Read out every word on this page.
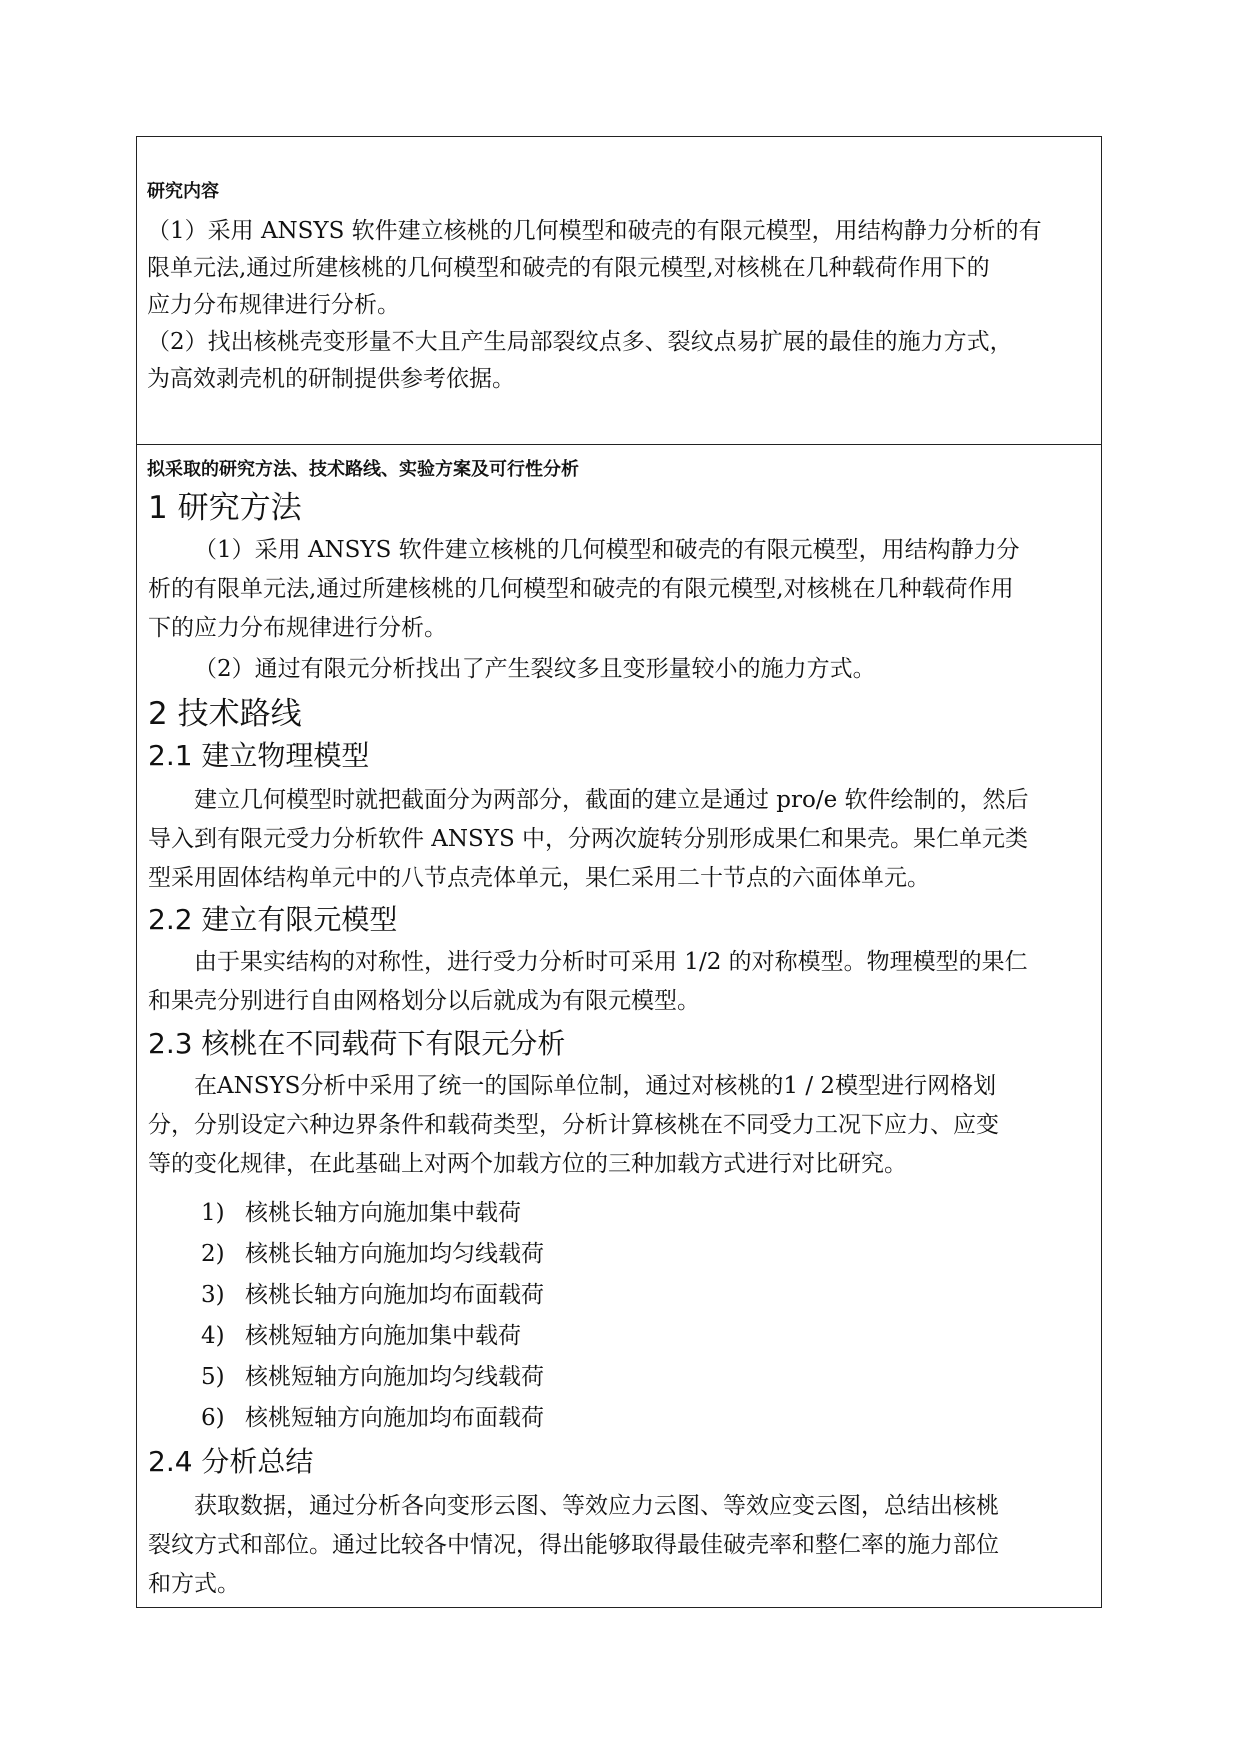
研究内容
（1）采用 ANSYS 软件建立核桃的几何模型和破壳的有限元模型，用结构静力分析的有
限单元法,通过所建核桃的几何模型和破壳的有限元模型,对核桃在几种载荷作用下的
应力分布规律进行分析。
（2）找出核桃壳变形量不大且产生局部裂纹点多、裂纹点易扩展的最佳的施力方式，
为高效剥壳机的研制提供参考依据。
拟采取的研究方法、技术路线、实验方案及可行性分析
1 研究方法
（1）采用 ANSYS 软件建立核桃的几何模型和破壳的有限元模型，用结构静力分
析的有限单元法,通过所建核桃的几何模型和破壳的有限元模型,对核桃在几种载荷作用
下的应力分布规律进行分析。
（2）通过有限元分析找出了产生裂纹多且变形量较小的施力方式。
2 技术路线
2.1 建立物理模型
建立几何模型时就把截面分为两部分，截面的建立是通过 pro/e 软件绘制的，然后
导入到有限元受力分析软件 ANSYS 中，分两次旋转分别形成果仁和果壳。果仁单元类
型采用固体结构单元中的八节点壳体单元，果仁采用二十节点的六面体单元。
2.2 建立有限元模型
由于果实结构的对称性，进行受力分析时可采用 1/2 的对称模型。物理模型的果仁
和果壳分别进行自由网格划分以后就成为有限元模型。
2.3 核桃在不同载荷下有限元分析
在ANSYS分析中采用了统一的国际单位制，通过对核桃的1 / 2模型进行网格划
分，分别设定六种边界条件和载荷类型，分析计算核桃在不同受力工况下应力、应变
等的变化规律，在此基础上对两个加载方位的三种加载方式进行对比研究。
1) 核桃长轴方向施加集中载荷
2) 核桃长轴方向施加均匀线载荷
3) 核桃长轴方向施加均布面载荷
4) 核桃短轴方向施加集中载荷
5) 核桃短轴方向施加均匀线载荷
6) 核桃短轴方向施加均布面载荷
2.4 分析总结
获取数据，通过分析各向变形云图、等效应力云图、等效应变云图，总结出核桃
裂纹方式和部位。通过比较各中情况，得出能够取得最佳破壳率和整仁率的施力部位
和方式。
